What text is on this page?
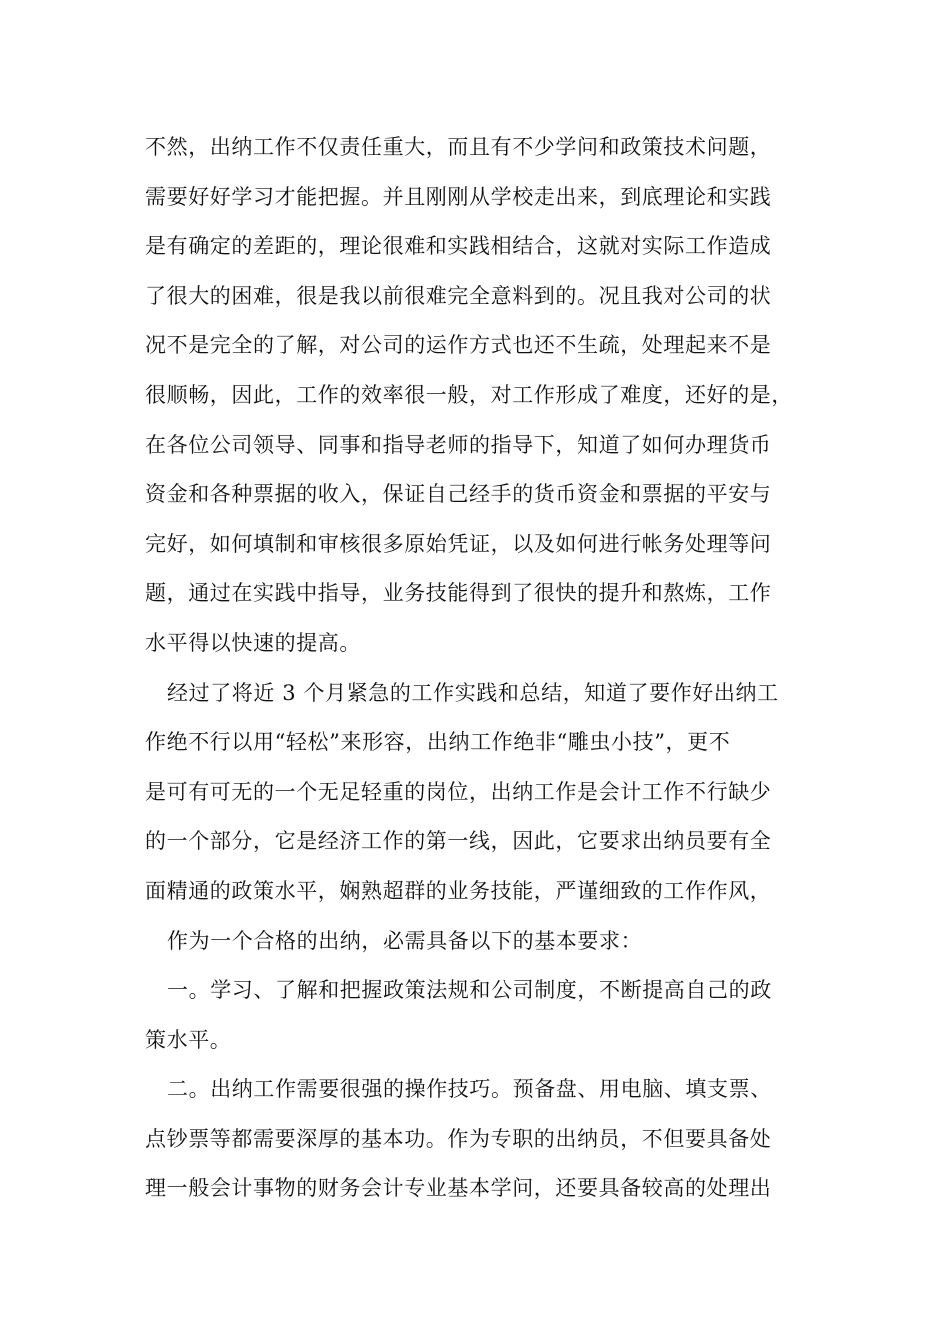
不然，出纳工作不仅责任重大，而且有不少学问和政策技术问题，
需要好好学习才能把握。并且刚刚从学校走出来，到底理论和实践
是有确定的差距的，理论很难和实践相结合，这就对实际工作造成
了很大的困难，很是我以前很难完全意料到的。况且我对公司的状
况不是完全的了解，对公司的运作方式也还不生疏，处理起来不是
很顺畅，因此，工作的效率很一般，对工作形成了难度，还好的是，
在各位公司领导、同事和指导老师的指导下，知道了如何办理货币
资金和各种票据的收入，保证自己经手的货币资金和票据的平安与
完好，如何填制和审核很多原始凭证，以及如何进行帐务处理等问
题，通过在实践中指导，业务技能得到了很快的提升和熬炼，工作
水平得以快速的提高。
经过了将近 3 个月紧急的工作实践和总结，知道了要作好出纳工
作绝不行以用“轻松”来形容，出纳工作绝非“雕虫小技”，更不
是可有可无的一个无足轻重的岗位，出纳工作是会计工作不行缺少
的一个部分，它是经济工作的第一线，因此，它要求出纳员要有全
面精通的政策水平，娴熟超群的业务技能，严谨细致的工作作风，
作为一个合格的出纳，必需具备以下的基本要求：
一。学习、了解和把握政策法规和公司制度，不断提高自己的政
策水平。
二。出纳工作需要很强的操作技巧。预备盘、用电脑、填支票、
点钞票等都需要深厚的基本功。作为专职的出纳员，不但要具备处
理一般会计事物的财务会计专业基本学问，还要具备较高的处理出
